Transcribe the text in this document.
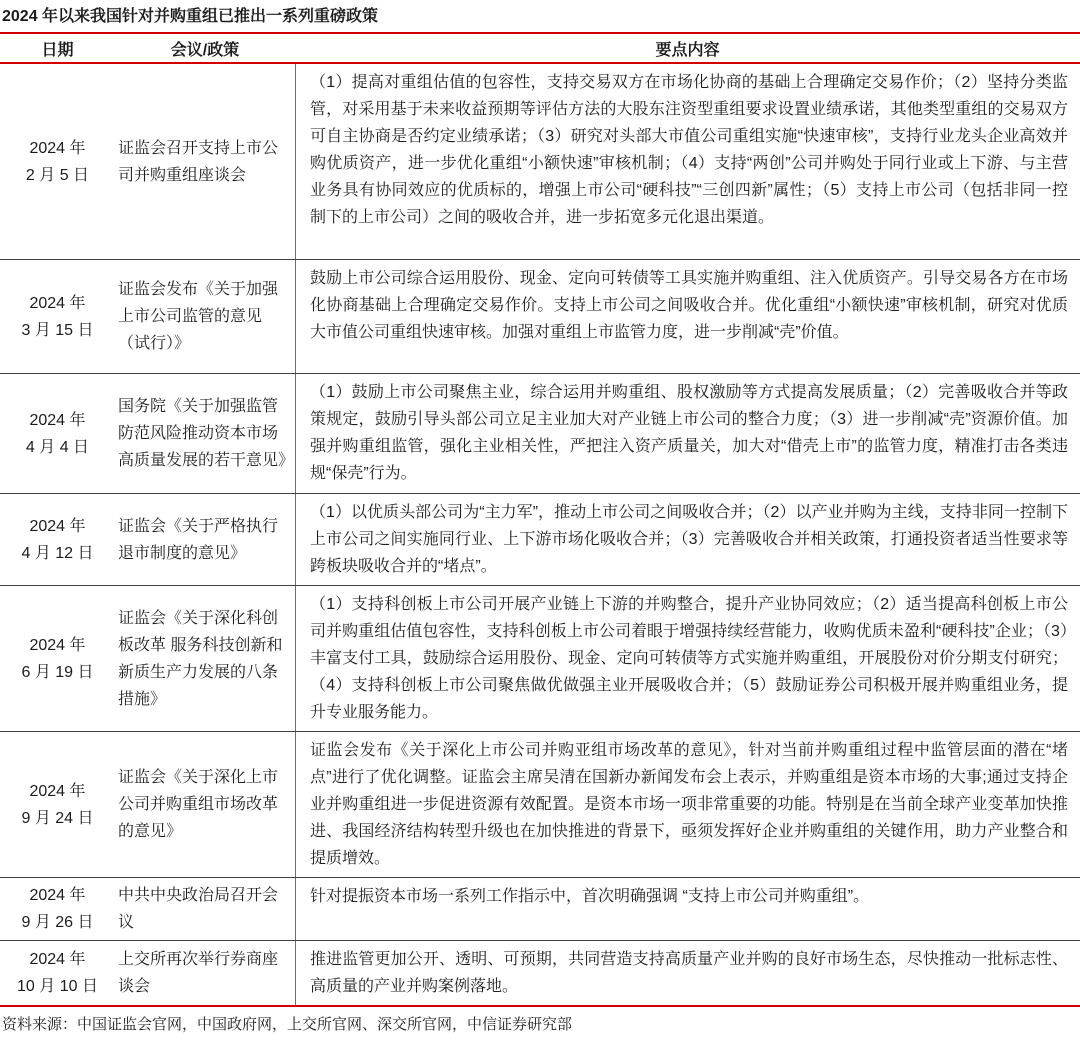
2024 年以来我国针对并购重组已推出一系列重磅政策
日期	会议/政策	要点内容
2024 年
2 月 5 日
证监会召开支持上市公司并购重组座谈会
（1）提高对重组估值的包容性，支持交易双方在市场化协商的基础上合理确定交易作价；（2）坚持分类监管，对采用基于未来收益预期等评估方法的大股东注资型重组要求设置业绩承诺，其他类型重组的交易双方可自主协商是否约定业绩承诺；（3）研究对头部大市值公司重组实施“快速审核”，支持行业龙头企业高效并购优质资产，进一步优化重组“小额快速”审核机制；（4）支持“两创”公司并购处于同行业或上下游、与主营业务具有协同效应的优质标的，增强上市公司“硬科技”“三创四新”属性；（5）支持上市公司（包括非同一控制下的上市公司）之间的吸收合并，进一步拓宽多元化退出渠道。
2024 年
3 月 15 日
证监会发布《关于加强上市公司监管的意见（试行）》
鼓励上市公司综合运用股份、现金、定向可转债等工具实施并购重组、注入优质资产。引导交易各方在市场化协商基础上合理确定交易作价。支持上市公司之间吸收合并。优化重组“小额快速”审核机制，研究对优质大市值公司重组快速审核。加强对重组上市监管力度，进一步削减“壳”价值。
2024 年
4 月 4 日
国务院《关于加强监管防范风险推动资本市场高质量发展的若干意见》
（1）鼓励上市公司聚焦主业，综合运用并购重组、股权激励等方式提高发展质量；（2）完善吸收合并等政策规定，鼓励引导头部公司立足主业加大对产业链上市公司的整合力度；（3）进一步削减“壳”资源价值。加强并购重组监管，强化主业相关性，严把注入资产质量关，加大对“借壳上市”的监管力度，精准打击各类违规“保壳”行为。
2024 年
4 月 12 日
证监会《关于严格执行退市制度的意见》
（1）以优质头部公司为“主力军”，推动上市公司之间吸收合并；（2）以产业并购为主线，支持非同一控制下上市公司之间实施同行业、上下游市场化吸收合并；（3）完善吸收合并相关政策，打通投资者适当性要求等跨板块吸收合并的“堵点”。
2024 年
6 月 19 日
证监会《关于深化科创板改革 服务科技创新和新质生产力发展的八条措施》
（1）支持科创板上市公司开展产业链上下游的并购整合，提升产业协同效应；（2）适当提高科创板上市公司并购重组估值包容性，支持科创板上市公司着眼于增强持续经营能力，收购优质未盈利“硬科技”企业；（3）丰富支付工具，鼓励综合运用股份、现金、定向可转债等方式实施并购重组，开展股份对价分期支付研究；（4）支持科创板上市公司聚焦做优做强主业开展吸收合并；（5）鼓励证券公司积极开展并购重组业务，提升专业服务能力。
2024 年
9 月 24 日
证监会《关于深化上市公司并购重组市场改革的意见》
证监会发布《关于深化上市公司并购亚组市场改革的意见》，针对当前并购重组过程中监管层面的潜在“堵点”进行了优化调整。证监会主席吴清在国新办新闻发布会上表示，并购重组是资本市场的大事;通过支持企业并购重组进一步促进资源有效配置。是资本市场一项非常重要的功能。特别是在当前全球产业变革加快推进、我国经济结构转型升级也在加快推进的背景下，亟须发挥好企业并购重组的关键作用，助力产业整合和提质增效。
2024 年
9 月 26 日
中共中央政治局召开会议
针对提振资本市场一系列工作指示中，首次明确强调 “支持上市公司并购重组”。
2024 年
10 月 10 日
上交所再次举行券商座谈会
推进监管更加公开、透明、可预期，共同营造支持高质量产业并购的良好市场生态，尽快推动一批标志性、高质量的产业并购案例落地。
资料来源：中国证监会官网，中国政府网，上交所官网、深交所官网，中信证券研究部
